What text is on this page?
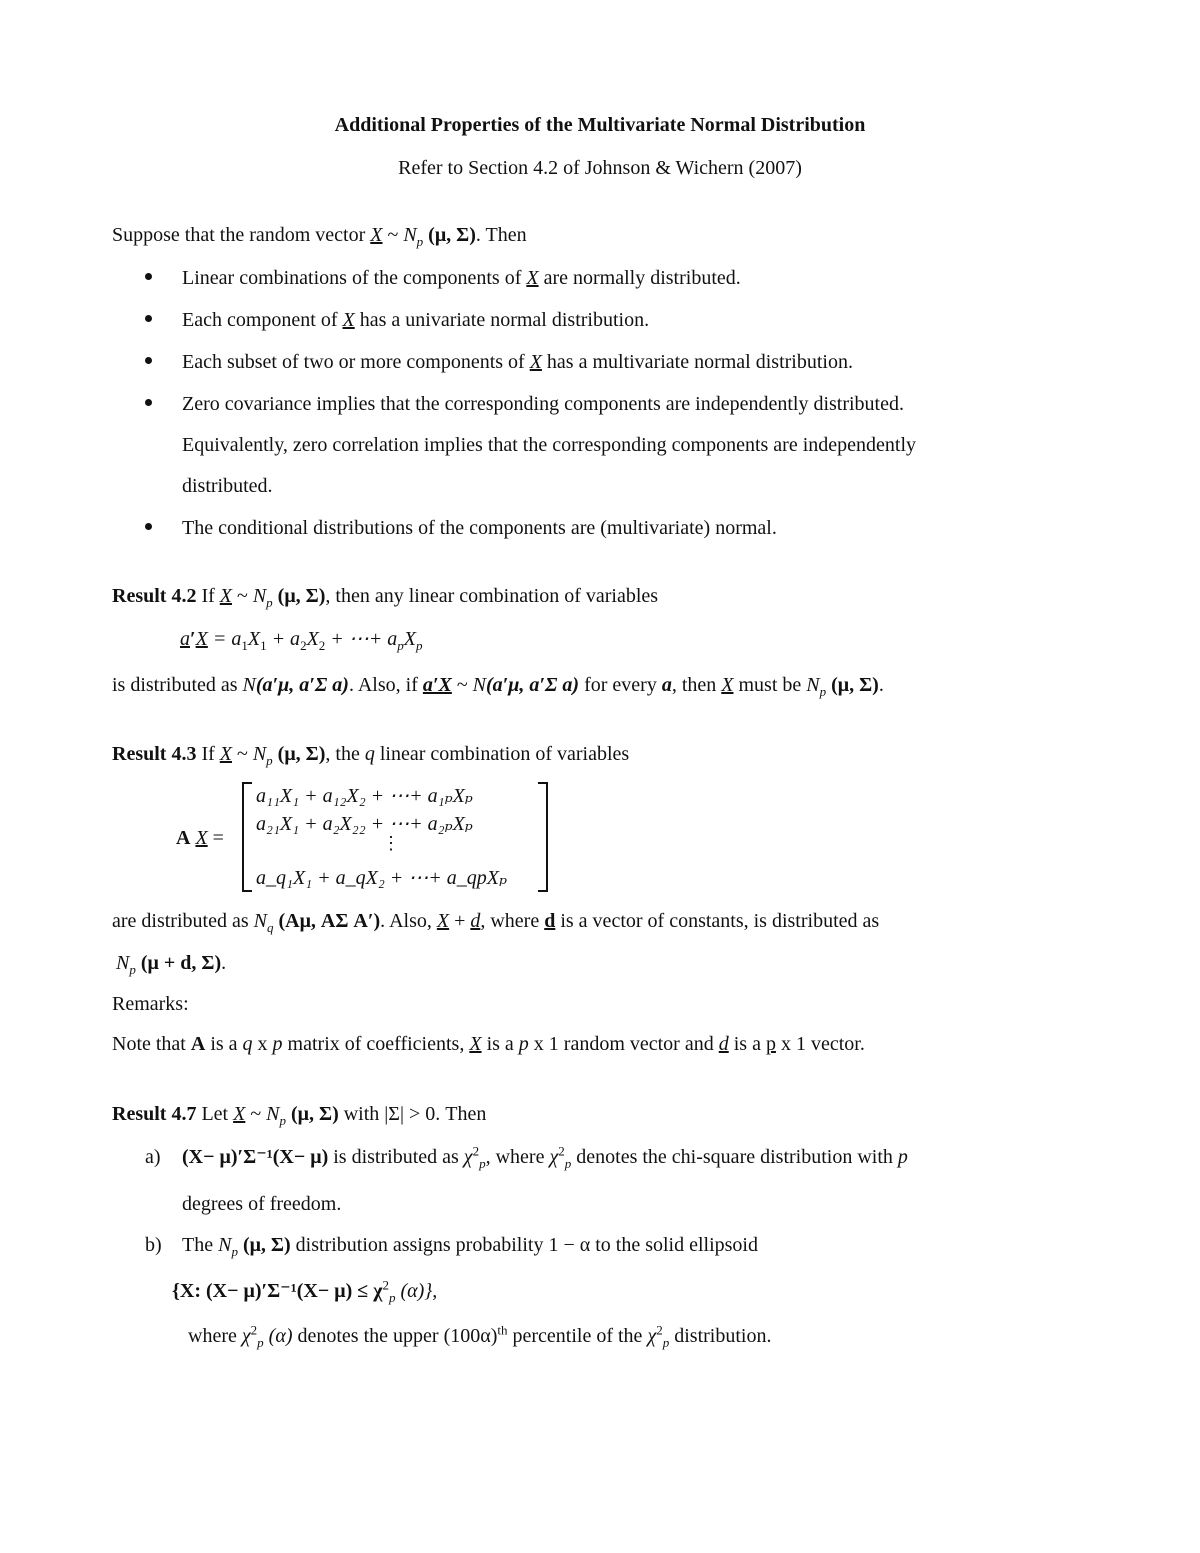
Additional Properties of the Multivariate Normal Distribution
Refer to Section 4.2 of Johnson & Wichern (2007)
Suppose that the random vector X ~ $N_p$ (μ, Σ). Then
Linear combinations of the components of X are normally distributed.
Each component of X has a univariate normal distribution.
Each subset of two or more components of X has a multivariate normal distribution.
Zero covariance implies that the corresponding components are independently distributed.
Equivalently, zero correlation implies that the corresponding components are independently
distributed.
The conditional distributions of the components are (multivariate) normal.
Result 4.2 If X ~ $N_p$ (μ, Σ), then any linear combination of variables
$a'X = a_1X_1 + a_2X_2$ + ⋯+ $a_pX_p$
is distributed as N(a′μ, a′Σ a). Also, if a′X ~ N(a′μ, a′Σ a) for every a, then X must be $N_p$ (μ, Σ).
Result 4.3 If X ~ $N_p$ (μ, Σ), the q linear combination of variables
A X =
a₁₁X₁ + a₁₂X₂ + ⋯+ a₁ₚXₚ
a₂₁X₁ + a₂X₂₂ + ⋯+ a₂ₚXₚ
⋮
a_q₁X₁ + a_qX₂ + ⋯+ a_qpXₚ
are distributed as $N_q$ (Aμ, AΣ A′). Also, X + d, where d is a vector of constants, is distributed as
$N_p$ (μ + d, Σ).
Remarks:
Note that A is a q x p matrix of coefficients, X is a p x 1 random vector and d is a p x 1 vector.
Result 4.7 Let X ~ $N_p$ (μ, Σ) with |Σ| > 0. Then
a) (X− μ)′Σ⁻¹(X− μ) is distributed as $\chi^2_p$, where $\chi^2_p$ denotes the chi-square distribution with p
degrees of freedom.
b) The $N_p$ (μ, Σ) distribution assigns probability 1 − α to the solid ellipsoid
{X: $(X- \mu)'\Sigma^{-1}(X- \mu) \le \chi^2_p$ (α)},
where $\chi^2_p$ (α) denotes the upper $(100\alpha)^{th}$ percentile of the $\chi^2_p$ distribution.
